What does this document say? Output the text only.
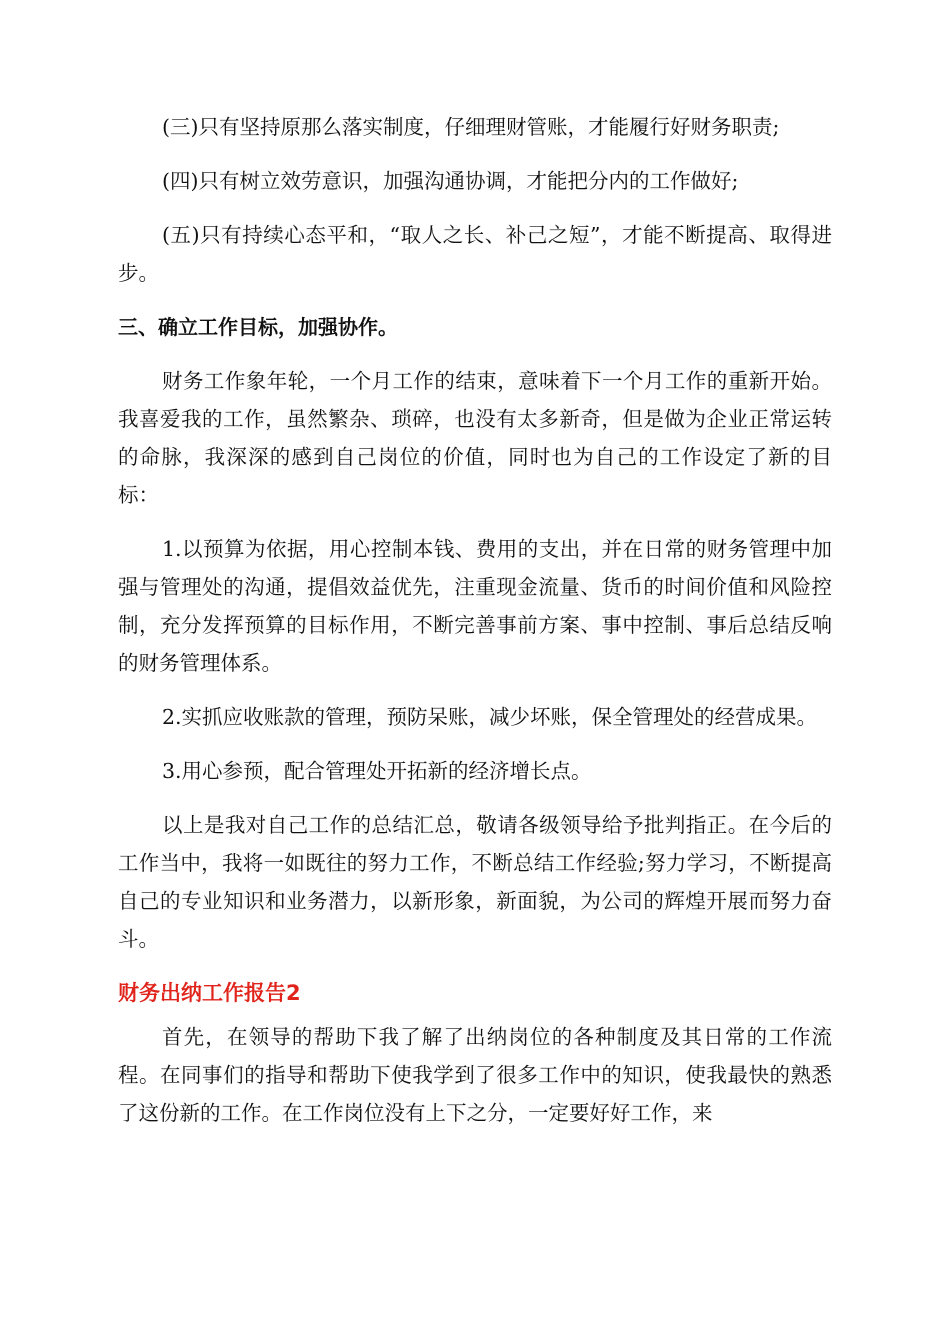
(三)只有坚持原那么落实制度，仔细理财管账，才能履行好财务职责;

(四)只有树立效劳意识，加强沟通协调，才能把分内的工作做好;

(五)只有持续心态平和，“取人之长、补己之短”，才能不断提高、取得进步。

三、确立工作目标，加强协作。

财务工作象年轮，一个月工作的结束，意味着下一个月工作的重新开始。我喜爱我的工作，虽然繁杂、琐碎，也没有太多新奇，但是做为企业正常运转的命脉，我深深的感到自己岗位的价值，同时也为自己的工作设定了新的目标：

1.以预算为依据，用心控制本钱、费用的支出，并在日常的财务管理中加强与管理处的沟通，提倡效益优先，注重现金流量、货币的时间价值和风险控制，充分发挥预算的目标作用，不断完善事前方案、事中控制、事后总结反响的财务管理体系。

2.实抓应收账款的管理，预防呆账，减少坏账，保全管理处的经营成果。

3.用心参预，配合管理处开拓新的经济增长点。

以上是我对自己工作的总结汇总，敬请各级领导给予批判指正。在今后的工作当中，我将一如既往的努力工作，不断总结工作经验;努力学习，不断提高自己的专业知识和业务潜力，以新形象，新面貌，为公司的辉煌开展而努力奋斗。

财务出纳工作报告2

首先，在领导的帮助下我了解了出纳岗位的各种制度及其日常的工作流程。在同事们的指导和帮助下使我学到了很多工作中的知识，使我最快的熟悉了这份新的工作。在工作岗位没有上下之分，一定要好好工作，来
